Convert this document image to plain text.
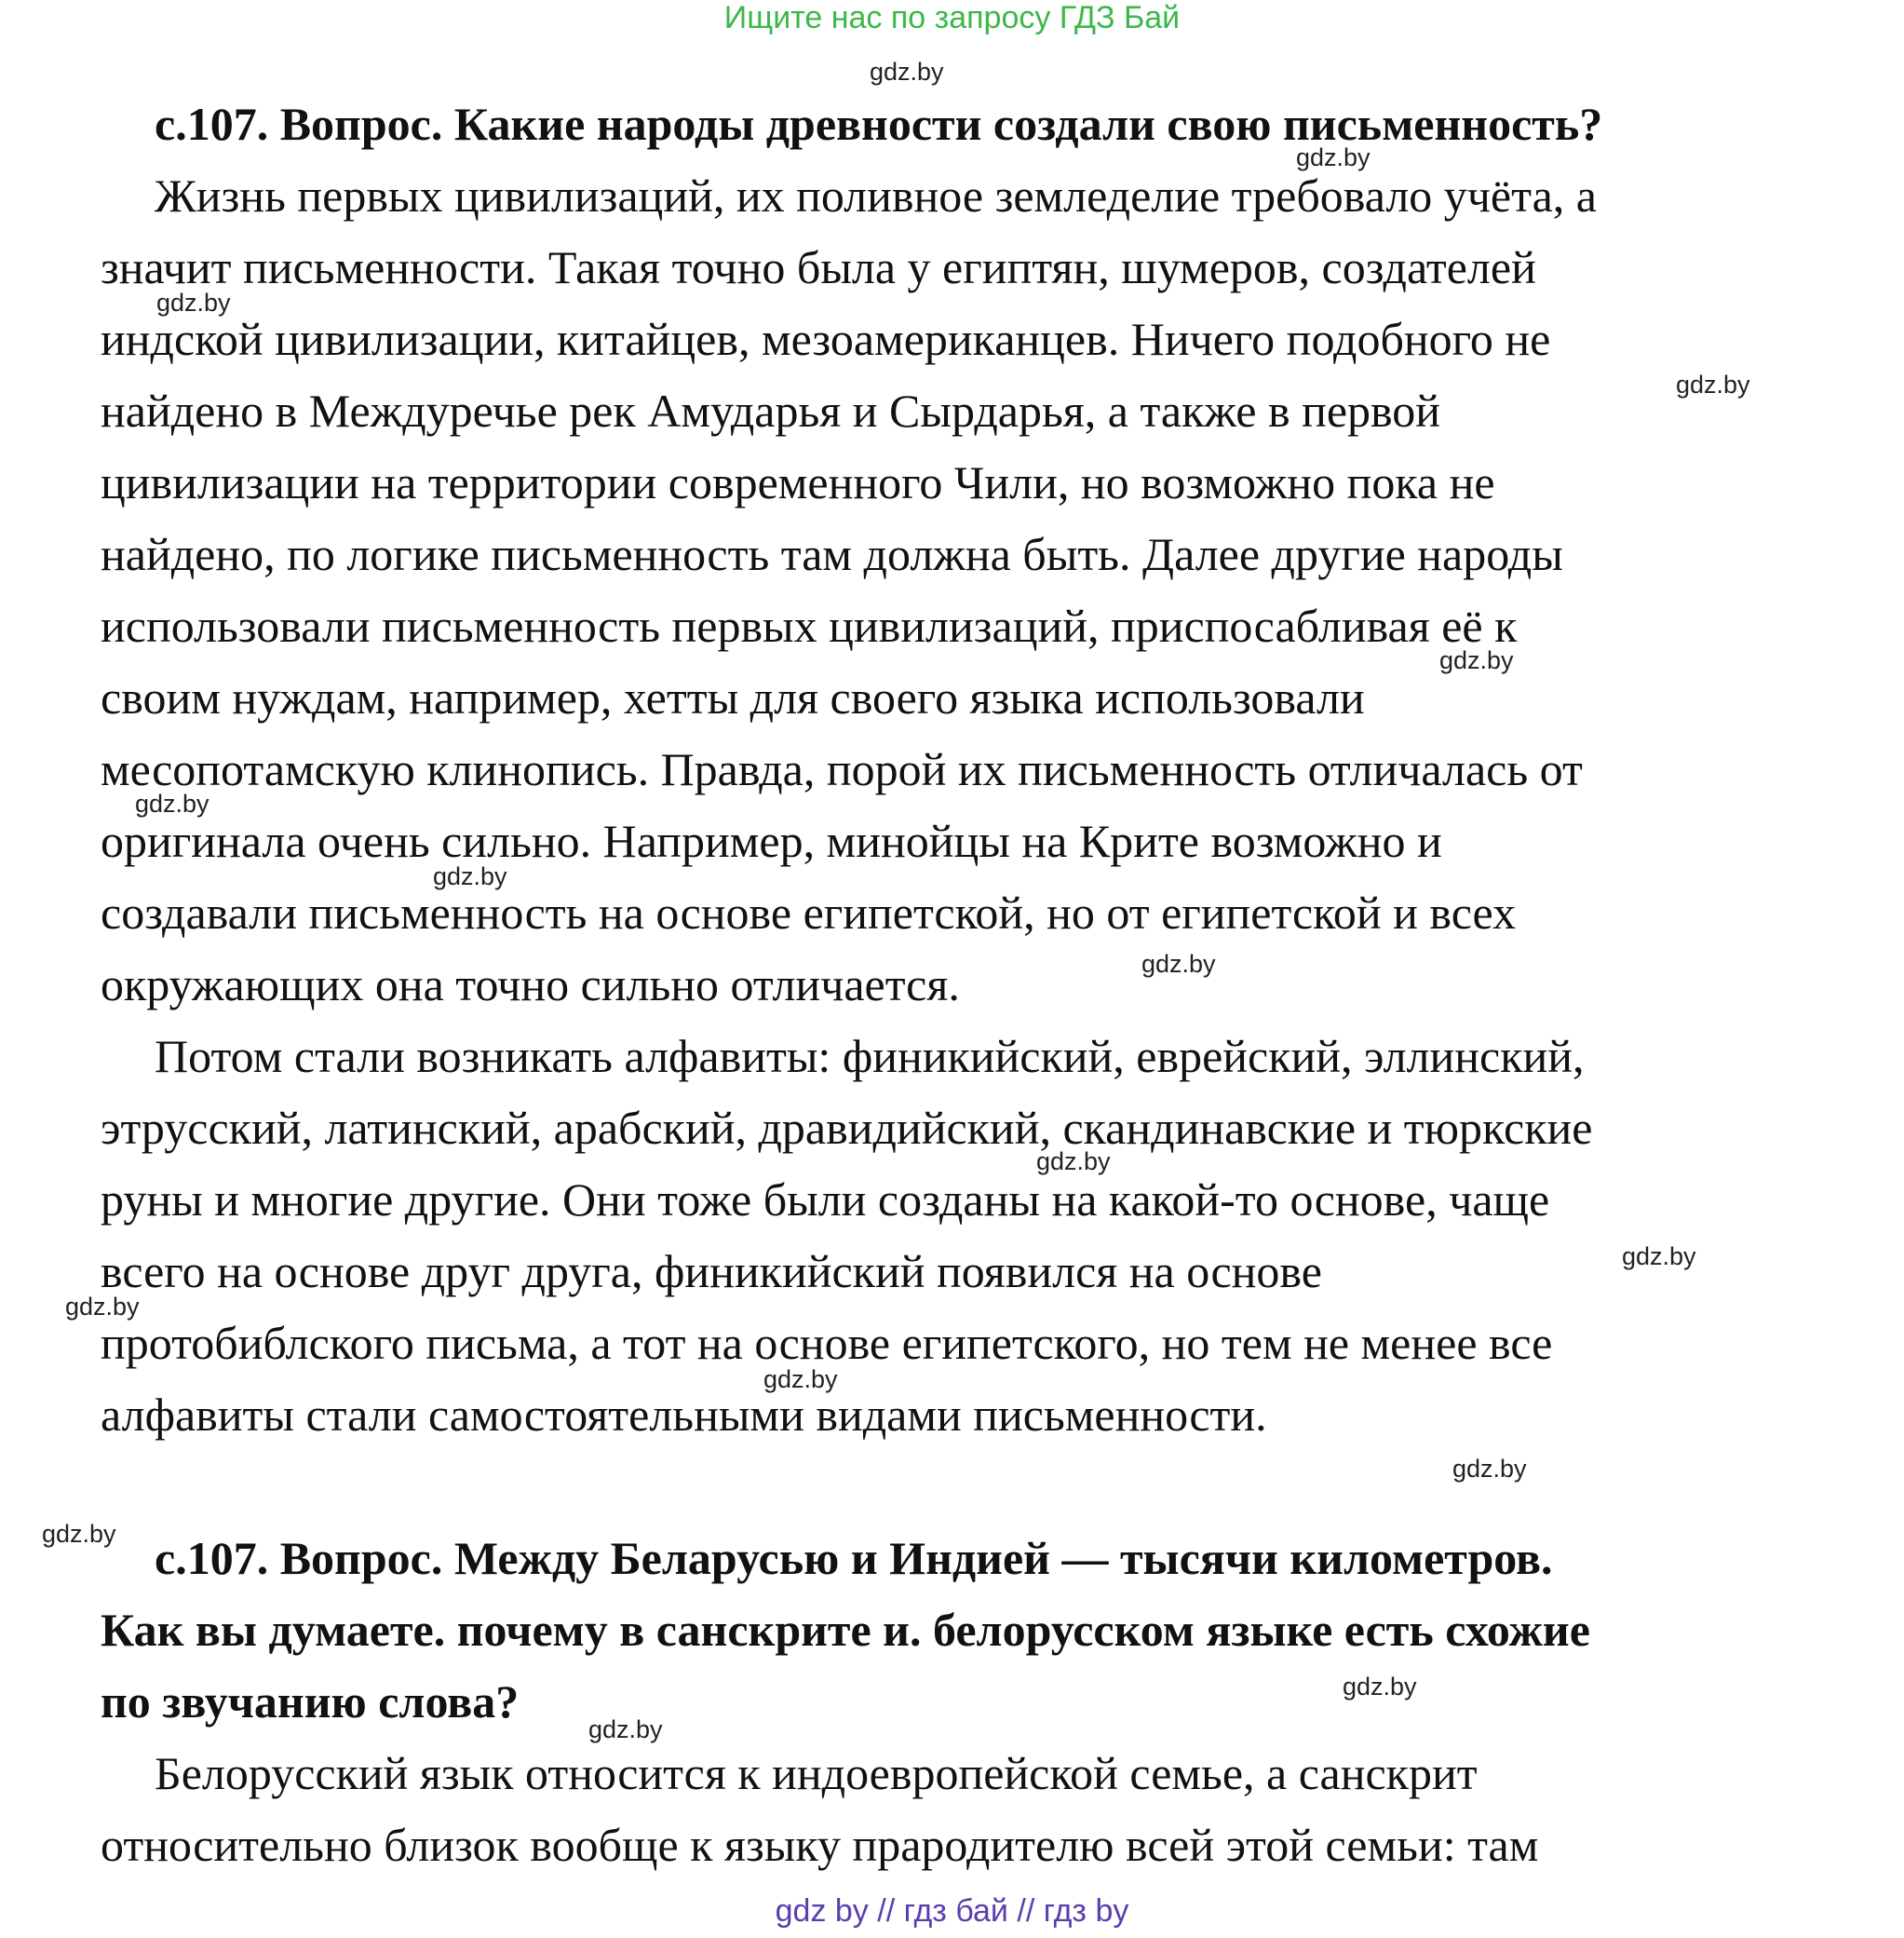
Ищите нас по запросу ГДЗ Бай

с.107. Вопрос. Какие народы древности создали свою письменность?

Жизнь первых цивилизаций, их поливное земледелие требовало учёта, а
значит письменности. Такая точно была у египтян, шумеров, создателей
индской цивилизации, китайцев, мезоамериканцев. Ничего подобного не
найдено в Междуречье рек Амударья и Сырдарья, а также в первой
цивилизации на территории современного Чили, но возможно пока не
найдено, по логике письменность там должна быть. Далее другие народы
использовали письменность первых цивилизаций, приспосабливая её к
своим нуждам, например, хетты для своего языка использовали
месопотамскую клинопись. Правда, порой их письменность отличалась от
оригинала очень сильно. Например, минойцы на Крите возможно и
создавали письменность на основе египетской, но от египетской и всех
окружающих она точно сильно отличается.

Потом стали возникать алфавиты: финикийский, еврейский, эллинский,
этрусский, латинский, арабский, дравидийский, скандинавские и тюркские
руны и многие другие. Они тоже были созданы на какой-то основе, чаще
всего на основе друг друга, финикийский появился на основе
протобиблского письма, а тот на основе египетского, но тем не менее все
алфавиты стали самостоятельными видами письменности.

с.107. Вопрос. Между Беларусью и Индией — тысячи километров.
Как вы думаете. почему в санскрите и. белорусском языке есть схожие
по звучанию слова?

Белорусский язык относится к индоевропейской семье, а санскрит
относительно близок вообще к языку прародителю всей этой семьи: там

gdz.by
gdz.by
gdz.by
gdz.by
gdz.by
gdz.by
gdz.by
gdz.by
gdz.by
gdz.by
gdz.by
gdz.by
gdz.by
gdz.by
gdz.by
gdz.by
gdz by // гдз бай // гдз by
